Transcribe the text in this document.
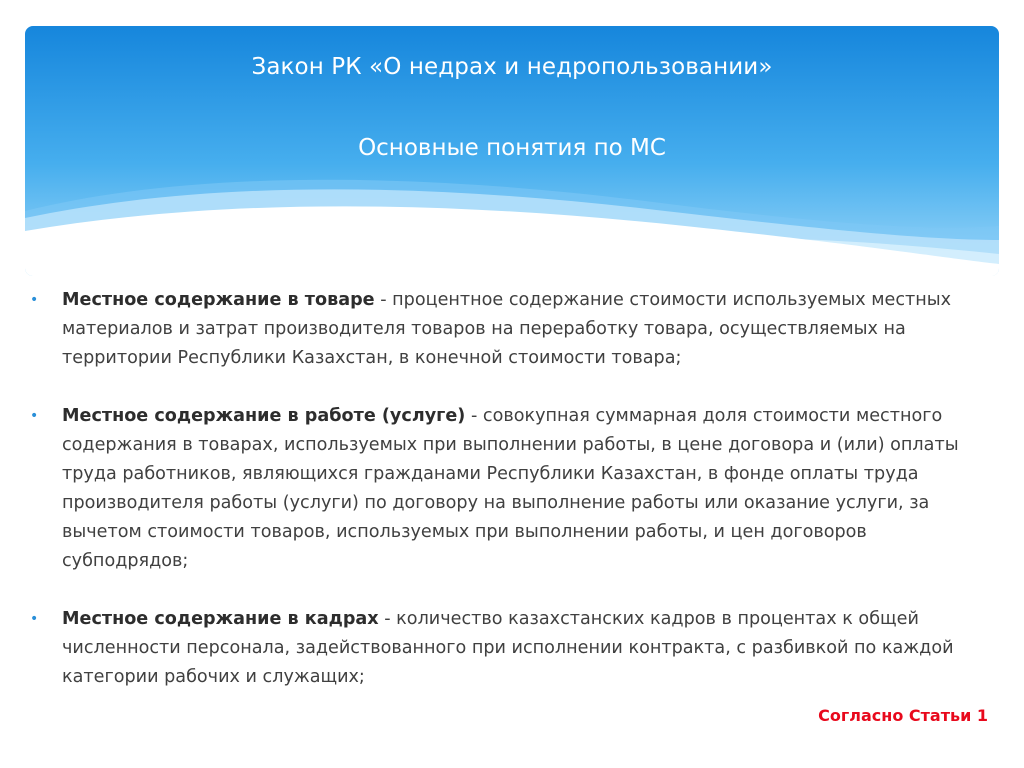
Закон РК «О недрах и недропользовании»
Основные понятия по МС
• Местное содержание в товаре - процентное содержание стоимости используемых местных материалов и затрат производителя товаров на переработку товара, осуществляемых на территории Республики Казахстан, в конечной стоимости товара;
• Местное содержание в работе (услуге) - совокупная суммарная доля стоимости местного содержания в товарах, используемых при выполнении работы, в цене договора и (или) оплаты труда работников, являющихся гражданами Республики Казахстан, в фонде оплаты труда производителя работы (услуги) по договору на выполнение работы или оказание услуги, за вычетом стоимости товаров, используемых при выполнении работы, и цен договоров субподрядов;
• Местное содержание в кадрах - количество казахстанских кадров в процентах к общей численности персонала, задействованного при исполнении контракта, с разбивкой по каждой категории рабочих и служащих;
Согласно Статьи 1
